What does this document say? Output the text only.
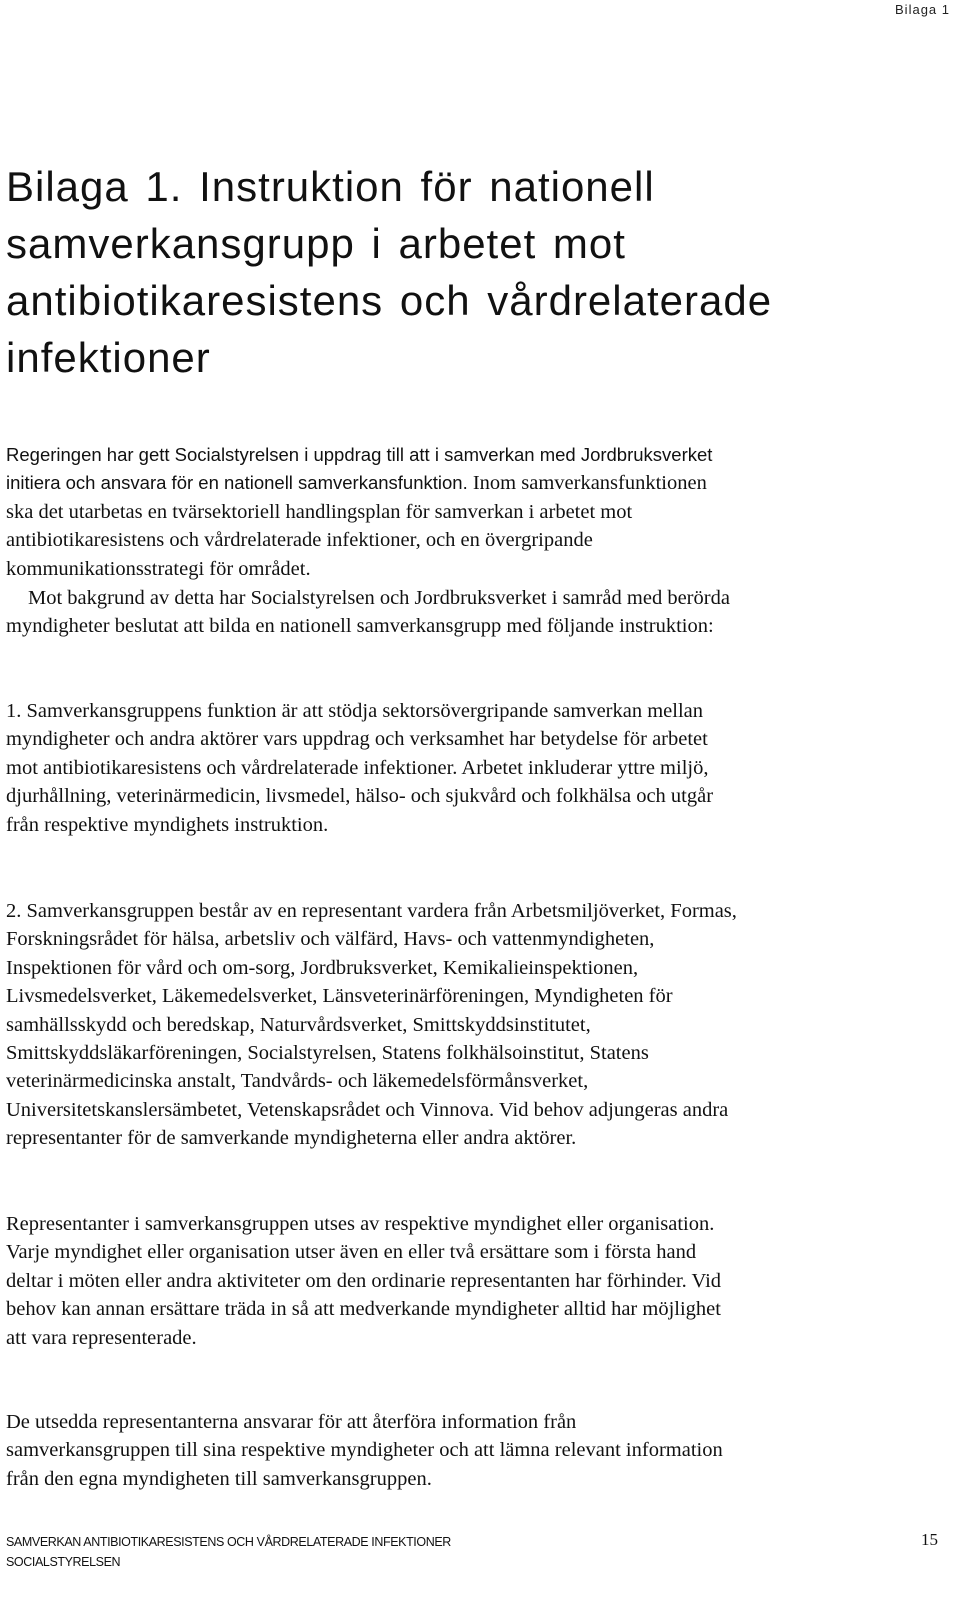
Bilaga 1
Bilaga 1. Instruktion för nationell samverkansgrupp i arbetet mot antibiotikaresistens och vårdrelaterade infektioner

Regeringen har gett Socialstyrelsen i uppdrag till att i samverkan med Jordbruksverket initiera och ansvara för en nationell samverkansfunktion. Inom samverkansfunktionen ska det utarbetas en tvärsektoriell handlingsplan för samverkan i arbetet mot antibiotikaresistens och vårdrelaterade infektioner, och en övergripande kommunikationsstrategi för området.

Mot bakgrund av detta har Socialstyrelsen och Jordbruksverket i samråd med berörda myndigheter beslutat att bilda en nationell samverkansgrupp med följande instruktion:

1. Samverkansgruppens funktion är att stödja sektorsövergripande samverkan mellan myndigheter och andra aktörer vars uppdrag och verksamhet har betydelse för arbetet mot antibiotikaresistens och vårdrelaterade infektioner. Arbetet inkluderar yttre miljö, djurhållning, veterinärmedicin, livsmedel, hälso- och sjukvård och folkhälsa och utgår från respektive myndighets instruktion.

2. Samverkansgruppen består av en representant vardera från Arbetsmiljöverket, Formas, Forskningsrådet för hälsa, arbetsliv och välfärd, Havs- och vattenmyndigheten, Inspektionen för vård och om-sorg, Jordbruksverket, Kemikalieinspektionen, Livsmedelsverket, Läkemedelsverket, Länsveterinärföreningen, Myndigheten för samhällsskydd och beredskap, Naturvårdsverket, Smittskyddsinstitutet, Smittskyddsläkarföreningen, Socialstyrelsen, Statens folkhälsoinstitut, Statens veterinärmedicinska anstalt, Tandvårds- och läkemedelsförmånsverket, Universitetskanslersämbetet, Vetenskapsrådet och Vinnova. Vid behov adjungeras andra representanter för de samverkande myndigheterna eller andra aktörer.

Representanter i samverkansgruppen utses av respektive myndighet eller organisation. Varje myndighet eller organisation utser även en eller två ersättare som i första hand deltar i möten eller andra aktiviteter om den ordinarie representanten har förhinder. Vid behov kan annan ersättare träda in så att medverkande myndigheter alltid har möjlighet att vara representerade.

De utsedda representanterna ansvarar för att återföra information från samverkansgruppen till sina respektive myndigheter och att lämna relevant information från den egna myndigheten till samverkansgruppen.

SAMVERKAN ANTIBIOTIKARESISTENS OCH VÅRDRELATERADE INFEKTIONER
SOCIALSTYRELSEN
15
